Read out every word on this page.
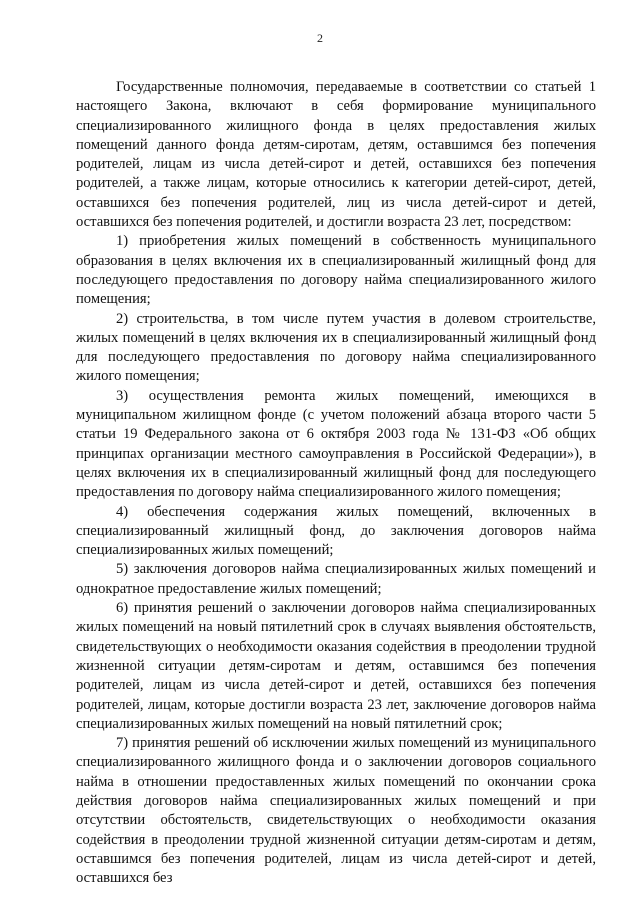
2

Государственные полномочия, передаваемые в соответствии со статьей 1 настоящего Закона, включают в себя формирование муниципального специализированного жилищного фонда в целях предоставления жилых помещений данного фонда детям-сиротам, детям, оставшимся без попечения родителей, лицам из числа детей-сирот и детей, оставшихся без попечения родителей, а также лицам, которые относились к категории детей-сирот, детей, оставшихся без попечения родителей, лиц из числа детей-сирот и детей, оставшихся без попечения родителей, и достигли возраста 23 лет, посредством:

1) приобретения жилых помещений в собственность муниципального образования в целях включения их в специализированный жилищный фонд для последующего предоставления по договору найма специализированного жилого помещения;

2) строительства, в том числе путем участия в долевом строительстве, жилых помещений в целях включения их в специализированный жилищный фонд для последующего предоставления по договору найма специализированного жилого помещения;

3) осуществления ремонта жилых помещений, имеющихся в муниципальном жилищном фонде (с учетом положений абзаца второго части 5 статьи 19 Федерального закона от 6 октября 2003 года № 131-ФЗ «Об общих принципах организации местного самоуправления в Российской Федерации»), в целях включения их в специализированный жилищный фонд для последующего предоставления по договору найма специализированного жилого помещения;

4) обеспечения содержания жилых помещений, включенных в специализированный жилищный фонд, до заключения договоров найма специализированных жилых помещений;

5) заключения договоров найма специализированных жилых помещений и однократное предоставление жилых помещений;

6) принятия решений о заключении договоров найма специализированных жилых помещений на новый пятилетний срок в случаях выявления обстоятельств, свидетельствующих о необходимости оказания содействия в преодолении трудной жизненной ситуации детям-сиротам и детям, оставшимся без попечения родителей, лицам из числа детей-сирот и детей, оставшихся без попечения родителей, лицам, которые достигли возраста 23 лет, заключение договоров найма специализированных жилых помещений на новый пятилетний срок;

7) принятия решений об исключении жилых помещений из муниципального специализированного жилищного фонда и о заключении договоров социального найма в отношении предоставленных жилых помещений по окончании срока действия договоров найма специализированных жилых помещений и при отсутствии обстоятельств, свидетельствующих о необходимости оказания содействия в преодолении трудной жизненной ситуации детям-сиротам и детям, оставшимся без попечения родителей, лицам из числа детей-сирот и детей, оставшихся без
